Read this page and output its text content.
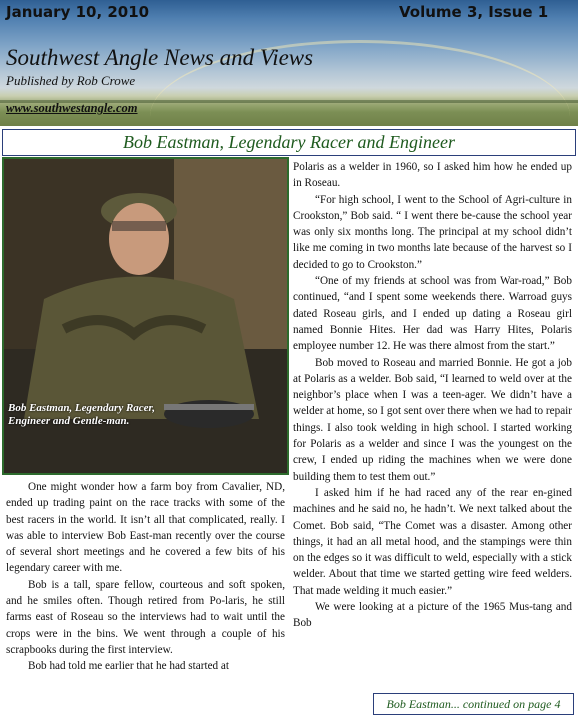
January 10, 2010	Volume 3, Issue 1
Southwest Angle News and Views
Published by Rob Crowe
www.southwestangle.com
Bob Eastman, Legendary Racer and Engineer
Bob Eastman, Legendary Racer, Engineer and Gentle-man.

One might wonder how a farm boy from Cavalier, ND, ended up trading paint on the race tracks with some of the best racers in the world. It isn’t all that complicated, really. I was able to interview Bob East-man recently over the course of several short meetings and he covered a few bits of his legendary career with me.

Bob is a tall, spare fellow, courteous and soft spoken, and he smiles often. Though retired from Po-laris, he still farms east of Roseau so the interviews had to wait until the crops were in the bins. We went through a couple of his scrapbooks during the first interview.

Bob had told me earlier that he had started at

Polaris as a welder in 1960, so I asked him how he ended up in Roseau.

“For high school, I went to the School of Agri-culture in Crookston,” Bob said. “ I went there be-cause the school year was only six months long. The principal at my school didn’t like me coming in two months late because of the harvest so I decided to go to Crookston.”

“One of my friends at school was from War-road,” Bob continued, “and I spent some weekends there. Warroad guys dated Roseau girls, and I ended up dating a Roseau girl named Bonnie Hites. Her dad was Harry Hites, Polaris employee number 12. He was there almost from the start.”

Bob moved to Roseau and married Bonnie. He got a job at Polaris as a welder. Bob said, “I learned to weld over at the neighbor’s place when I was a teen-ager. We didn’t have a welder at home, so I got sent over there when we had to repair things. I also took welding in high school. I started working for Polaris as a welder and since I was the youngest on the crew, I ended up riding the machines when we were done building them to test them out.”

I asked him if he had raced any of the rear en-gined machines and he said no, he hadn’t. We next talked about the Comet. Bob said, “The Comet was a disaster. Among other things, it had an all metal hood, and the stampings were thin on the edges so it was difficult to weld, especially with a stick welder. About that time we started getting wire feed welders. That made welding it much easier.”

We were looking at a picture of the 1965 Mus-tang and Bob

Bob Eastman... continued on page 4
